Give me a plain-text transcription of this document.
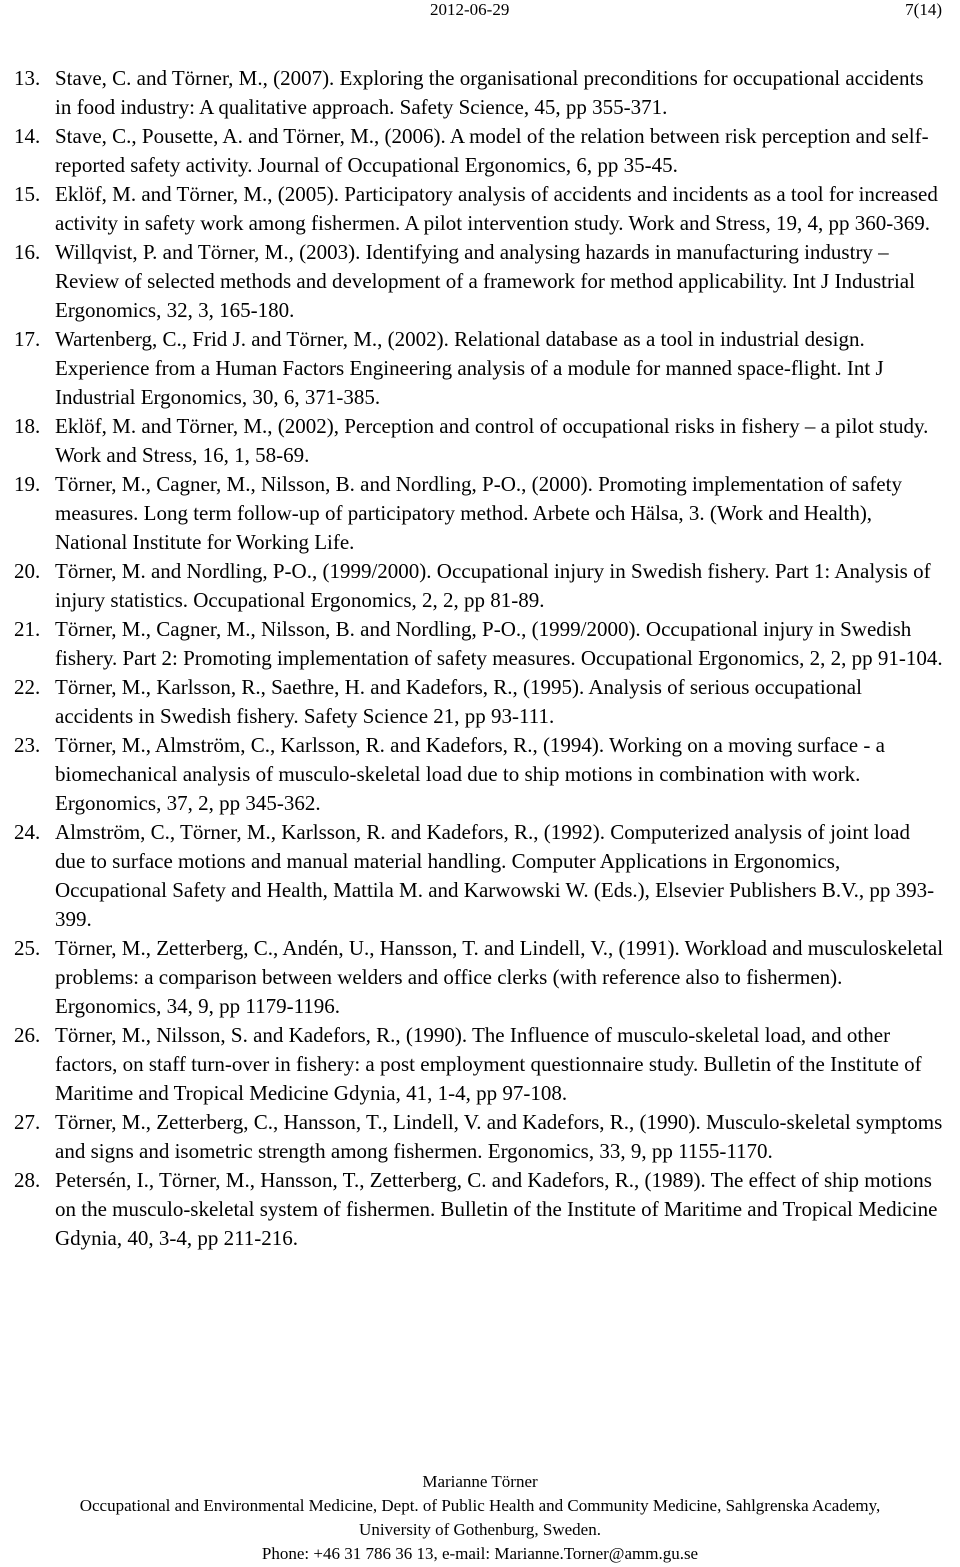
2012-06-29	7(14)
13. Stave, C. and Törner, M., (2007). Exploring the organisational preconditions for occupational accidents in food industry: A qualitative approach. Safety Science, 45, pp 355-371.
14. Stave, C., Pousette, A. and Törner, M., (2006). A model of the relation between risk perception and self-reported safety activity. Journal of Occupational Ergonomics, 6, pp 35-45.
15. Eklöf, M. and Törner, M., (2005). Participatory analysis of accidents and incidents as a tool for increased activity in safety work among fishermen. A pilot intervention study. Work and Stress, 19, 4, pp 360-369.
16. Willqvist, P. and Törner, M., (2003). Identifying and analysing hazards in manufacturing industry –Review of selected methods and development of a framework for method applicability. Int J Industrial Ergonomics, 32, 3, 165-180.
17. Wartenberg, C., Frid J. and Törner, M., (2002). Relational database as a tool in industrial design. Experience from a Human Factors Engineering analysis of a module for manned space-flight. Int J Industrial Ergonomics, 30, 6, 371-385.
18. Eklöf, M. and Törner, M., (2002), Perception and control of occupational risks in fishery – a pilot study. Work and Stress, 16, 1, 58-69.
19. Törner, M., Cagner, M., Nilsson, B. and Nordling, P-O., (2000). Promoting implementation of safety measures. Long term follow-up of participatory method. Arbete och Hälsa, 3. (Work and Health), National Institute for Working Life.
20. Törner, M. and Nordling, P-O., (1999/2000). Occupational injury in Swedish fishery. Part 1: Analysis of injury statistics. Occupational Ergonomics, 2, 2, pp 81-89.
21. Törner, M., Cagner, M., Nilsson, B. and Nordling, P-O., (1999/2000). Occupational injury in Swedish fishery. Part 2: Promoting implementation of safety measures. Occupational Ergonomics, 2, 2, pp 91-104.
22. Törner, M., Karlsson, R., Saethre, H. and Kadefors, R., (1995). Analysis of serious occupational accidents in Swedish fishery. Safety Science 21, pp 93-111.
23. Törner, M., Almström, C., Karlsson, R. and Kadefors, R., (1994). Working on a moving surface - a biomechanical analysis of musculo-skeletal load due to ship motions in combination with work. Ergonomics, 37, 2, pp 345-362.
24. Almström, C., Törner, M., Karlsson, R. and Kadefors, R., (1992). Computerized analysis of joint load due to surface motions and manual material handling. Computer Applications in Ergonomics, Occupational Safety and Health, Mattila M. and Karwowski W. (Eds.), Elsevier Publishers B.V., pp 393-399.
25. Törner, M., Zetterberg, C., Andén, U., Hansson, T. and Lindell, V., (1991). Workload and musculoskeletal problems: a comparison between welders and office clerks (with reference also to fishermen). Ergonomics, 34, 9, pp 1179-1196.
26. Törner, M., Nilsson, S. and Kadefors, R., (1990). The Influence of musculo-skeletal load, and other factors, on staff turn-over in fishery: a post employment questionnaire study. Bulletin of the Institute of Maritime and Tropical Medicine Gdynia, 41, 1-4, pp 97-108.
27. Törner, M., Zetterberg, C., Hansson, T., Lindell, V. and Kadefors, R., (1990). Musculo-skeletal symptoms and signs and isometric strength among fishermen. Ergonomics, 33, 9, pp 1155-1170.
28. Petersén, I., Törner, M., Hansson, T., Zetterberg, C. and Kadefors, R., (1989). The effect of ship motions on the musculo-skeletal system of fishermen. Bulletin of the Institute of Maritime and Tropical Medicine Gdynia, 40, 3-4, pp 211-216.
Marianne Törner
Occupational and Environmental Medicine, Dept. of Public Health and Community Medicine, Sahlgrenska Academy,
University of Gothenburg, Sweden.
Phone: +46 31 786 36 13, e-mail: Marianne.Torner@amm.gu.se
